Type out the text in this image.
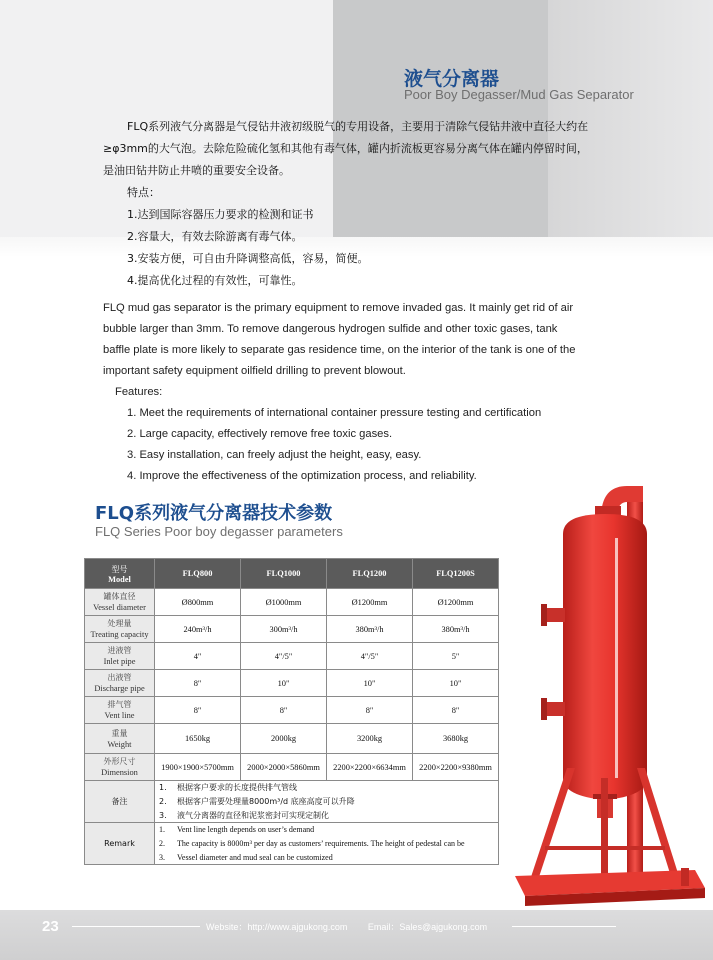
液气分离器
Poor Boy Degasser/Mud Gas Separator

FLQ系列液气分离器是气侵钻井液初级脱气的专用设备，主要用于清除气侵钻井液中直径大约在

≥φ3mm的大气泡。去除危险硫化氢和其他有毒气体，罐内折流板更容易分离气体在罐内停留时间，

是油田钻井防止井喷的重要安全设备。

特点：

1.达到国际容器压力要求的检测和证书

2.容量大，有效去除游离有毒气体。

3.安装方便，可自由升降调整高低，容易，简便。

4.提高优化过程的有效性，可靠性。

FLQ mud gas separator is the primary equipment to remove invaded gas. It mainly get rid of air

bubble larger than 3mm. To remove dangerous hydrogen sulfide and other toxic gases, tank

baffle plate is more likely to separate gas residence time, on the interior of the tank is one of the

important safety equipment oilfield drilling to prevent blowout.

Features:

1. Meet the requirements of international container pressure testing and certification

2. Large capacity, effectively remove free toxic gases.

3. Easy installation, can freely adjust the height, easy, easy.

4. Improve the effectiveness of the optimization process, and reliability.

FLQ系列液气分离器技术参数
FLQ Series Poor boy degasser parameters
型号
Model	FLQ800	FLQ1000	FLQ1200	FLQ1200S

罐体直径
Vessel diameter	Ø800mm	Ø1000mm	Ø1200mm	Ø1200mm

处理量
Treating capacity	240m³/h	300m³/h	380m³/h	380m³/h

进液管
Inlet pipe	4"	4"/5"	4"/5"	5"

出液管
Discharge pipe	8"	10"	10"	10"

排气管
Vent line	8"	8"	8"	8"

重量
Weight	1650kg	2000kg	3200kg	3680kg

外形尺寸
Dimension	1900×1900×5700mm	2000×2000×5860mm	2200×2200×6634mm	2200×2200×9380mm
备注	1. 根据客户要求的长度提供排气管线			
	2. 根据客户需要处理量8000m³/d 底座高度可以升降			
	3. 液气分离器的直径和泥浆密封可实现定制化			
Remark	1. Vent line length depends on user’s demand			
	2. The capacity is 8000m³ per day as customers’ requirements. The height of pedestal can be			
	3. Vessel diameter and mud seal can be customized			
23	Website：http://www.ajgukong.com Email：Sales@ajgukong.com
